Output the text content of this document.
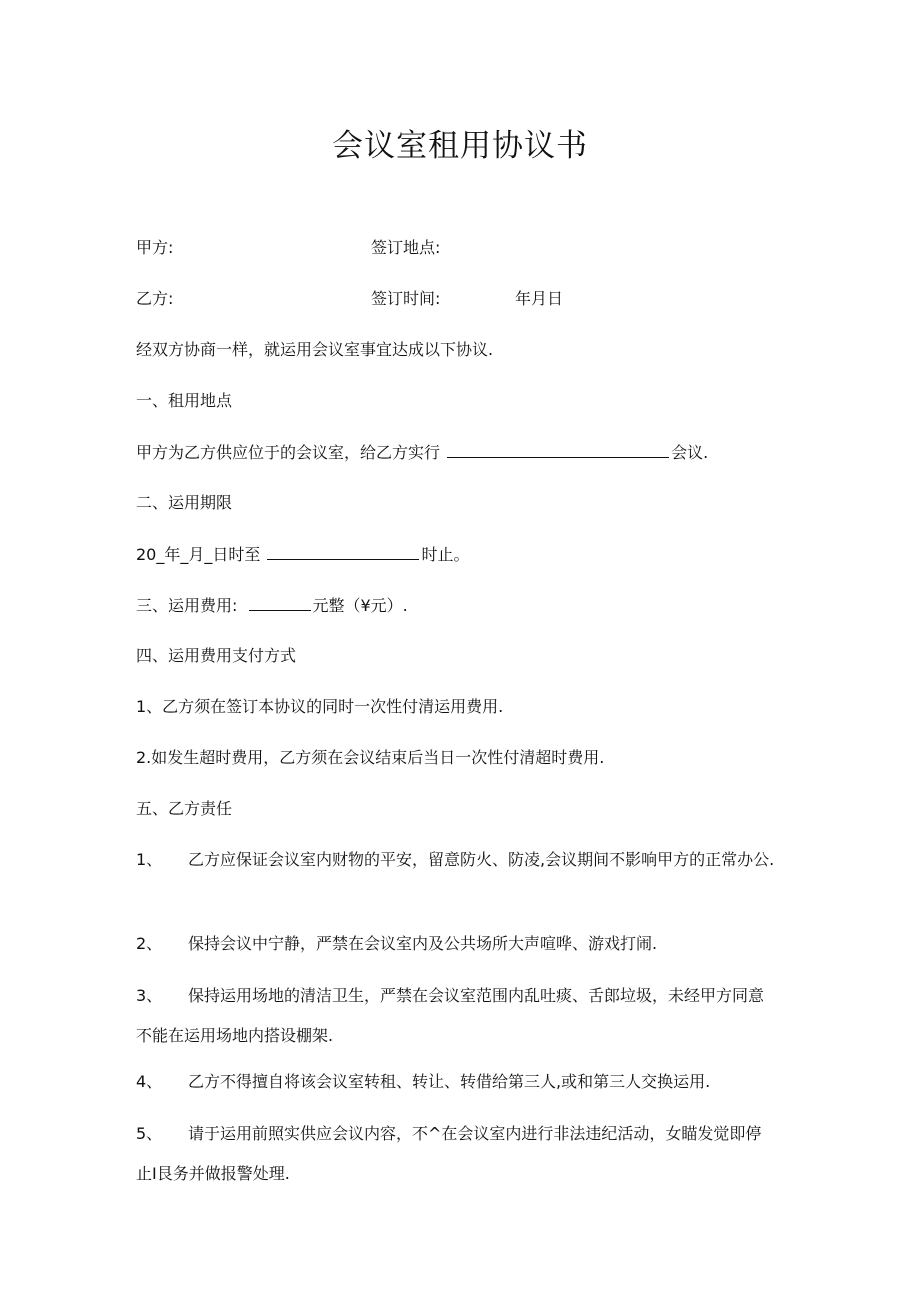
会议室租用协议书
甲方:	签订地点:
乙方:	签订时间:	年月日
经双方协商一样，就运用会议室事宜达成以下协议.
一、租用地点
甲方为乙方供应位于的会议室，给乙方实行	会议.
二、运用期限
20_年_月_日时至	时止。
三、运用费用:	元整（¥元）.
四、运用费用支付方式
1、乙方须在签订本协议的同时一次性付清运用费用.
2.如发生超时费用，乙方须在会议结束后当日一次性付清超时费用.
五、乙方责任
1、 乙方应保证会议室内财物的平安，留意防火、防凌,会议期间不影响甲方的正常办公.
2、 保持会议中宁静，严禁在会议室内及公共场所大声喧哗、游戏打闹.
3、 保持运用场地的清洁卫生，严禁在会议室范围内乱吐痰、舌郎垃圾，未经甲方同意不能在运用场地内搭设棚架.
4、 乙方不得擅自将该会议室转租、转让、转借给第三人,或和第三人交换运用.
5、 请于运用前照实供应会议内容，不^在会议室内进行非法违纪活动，女瞄发觉即停止I艮务并做报警处理.
